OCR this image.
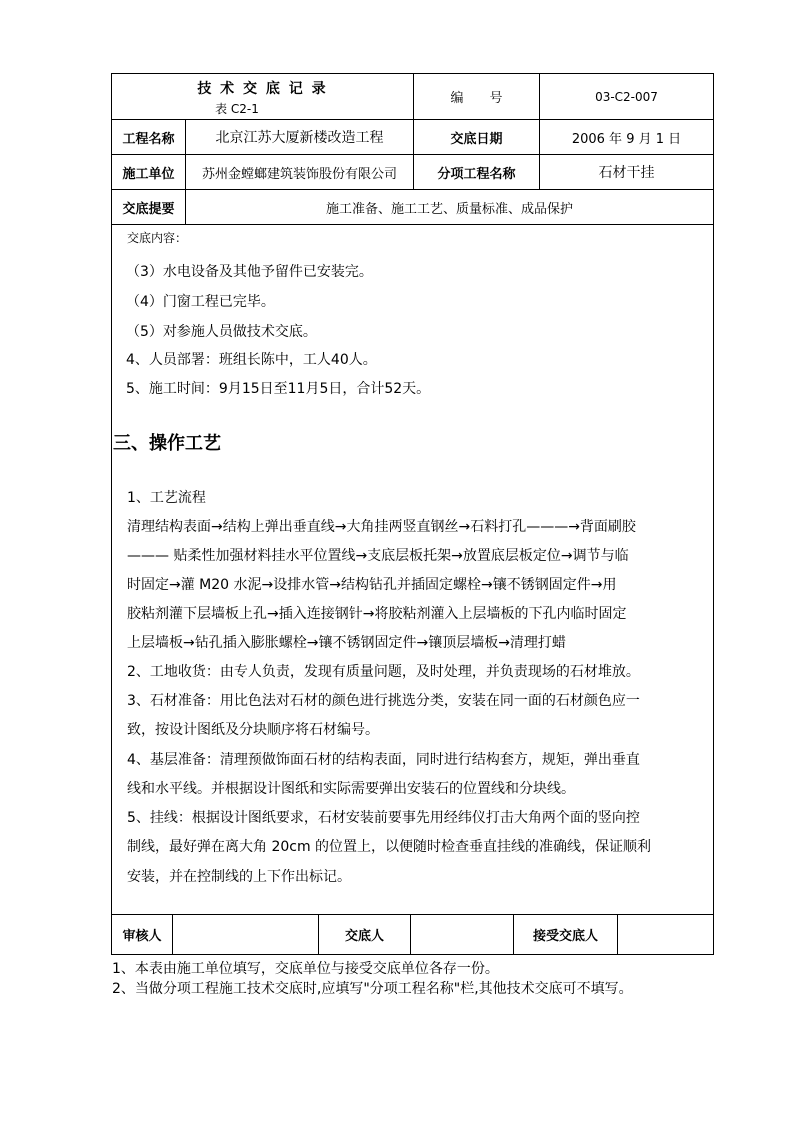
技 术 交 底 记 录
表 C2-1
编　　号	03-C2-007
工程名称	北京江苏大厦新楼改造工程	交底日期	2006 年 9 月 1 日
施工单位	苏州金螳螂建筑装饰股份有限公司	分项工程名称	石材干挂
交底提要	施工准备、施工工艺、质量标准、成品保护
交底内容：
（3）水电设备及其他予留件已安装完。
（4）门窗工程已完毕。
（5）对参施人员做技术交底。
4、人员部署：班组长陈中，工人40人。
5、施工时间：9月15日至11月5日，合计52天。
三、操作工艺
1、工艺流程
清理结构表面→结构上弹出垂直线→大角挂两竖直钢丝→石料打孔———→背面刷胶
——— 贴柔性加强材料挂水平位置线→支底层板托架→放置底层板定位→调节与临
时固定→灌 M20 水泥→设排水管→结构钻孔并插固定螺栓→镶不锈钢固定件→用
胶粘剂灌下层墙板上孔→插入连接钢针→将胶粘剂灌入上层墙板的下孔内临时固定
上层墙板→钻孔插入膨胀螺栓→镶不锈钢固定件→镶顶层墙板→清理打蜡
2、工地收货：由专人负责，发现有质量问题，及时处理，并负责现场的石材堆放。
3、石材准备：用比色法对石材的颜色进行挑选分类，安装在同一面的石材颜色应一
致，按设计图纸及分块顺序将石材编号。
4、基层准备：清理预做饰面石材的结构表面，同时进行结构套方，规矩，弹出垂直
线和水平线。并根据设计图纸和实际需要弹出安装石的位置线和分块线。
5、挂线：根据设计图纸要求，石材安装前要事先用经纬仪打击大角两个面的竖向控
制线，最好弹在离大角 20cm 的位置上，以便随时检查垂直挂线的准确线，保证顺利
安装，并在控制线的上下作出标记。
审核人	交底人	接受交底人
1、本表由施工单位填写，交底单位与接受交底单位各存一份。
2、当做分项工程施工技术交底时,应填写"分项工程名称"栏,其他技术交底可不填写。
